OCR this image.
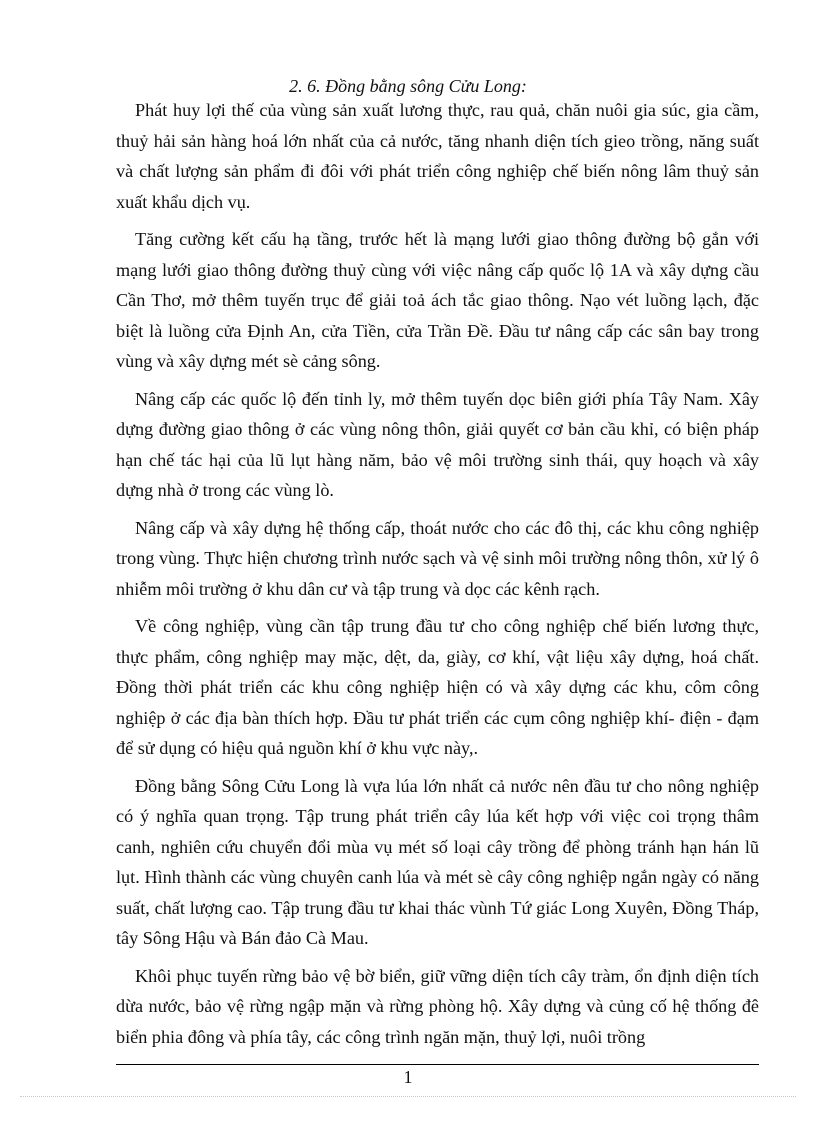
2. 6. Đồng bằng sông Cửu Long:

Phát huy lợi thế của vùng sản xuất lương thực, rau quả, chăn nuôi gia súc, gia cầm, thuỷ hải sản hàng hoá lớn nhất của cả nước, tăng nhanh diện tích gieo trồng, năng suất và chất lượng sản phẩm đi đôi với phát triển công nghiệp chế biến nông lâm thuỷ sản xuất khẩu dịch vụ.

Tăng cường kết cấu hạ tầng, trước hết là mạng lưới giao thông đường bộ gắn với mạng lưới giao thông đường thuỷ cùng với việc nâng cấp quốc lộ 1A và xây dựng cầu Cần Thơ, mở thêm tuyến trục để giải toả ách tắc giao thông. Nạo vét luồng lạch, đặc biệt là luồng cửa Định An, cửa Tiền, cửa Trần Đề. Đầu tư nâng cấp các sân bay trong vùng và xây dựng mét sè cảng sông.

Nâng cấp các quốc lộ đến tỉnh ly, mở thêm tuyến dọc biên giới phía Tây Nam. Xây dựng đường giao thông ở các vùng nông thôn, giải quyết cơ bản cầu khỉ, có biện pháp hạn chế tác hại của lũ lụt hàng năm, bảo vệ môi trường sinh thái, quy hoạch và xây dựng nhà ở trong các vùng lò.

Nâng cấp và xây dựng hệ thống cấp, thoát nước cho các đô thị, các khu công nghiệp trong vùng. Thực hiện chương trình nước sạch và vệ sinh môi trường nông thôn, xử lý ô nhiễm môi trường ở khu dân cư và tập trung và dọc các kênh rạch.

Về công nghiệp, vùng cần tập trung đầu tư cho công nghiệp chế biến lương thực, thực phẩm, công nghiệp may mặc, dệt, da, giày, cơ khí, vật liệu xây dựng, hoá chất. Đồng thời phát triển các khu công nghiệp hiện có và xây dựng các khu, côm công nghiệp ở các địa bàn thích hợp. Đầu tư phát triển các cụm công nghiệp khí- điện - đạm để sử dụng có hiệu quả nguồn khí ở khu vực này,.

Đồng bằng Sông Cửu Long là vựa lúa lớn nhất cả nước nên đầu tư cho nông nghiệp có ý nghĩa quan trọng. Tập trung phát triển cây lúa kết hợp với việc coi trọng thâm canh, nghiên cứu chuyển đổi mùa vụ mét số loại cây trồng để phòng tránh hạn hán lũ lụt. Hình thành các vùng chuyên canh lúa và mét sè cây công nghiệp ngắn ngày có năng suất, chất lượng cao. Tập trung đầu tư khai thác vùnh Tứ giác Long Xuyên, Đồng Tháp, tây Sông Hậu và Bán đảo Cà Mau.

Khôi phục tuyến rừng bảo vệ bờ biển, giữ vững diện tích cây tràm, ổn định diện tích dừa nước, bảo vệ rừng ngập mặn và rừng phòng hộ. Xây dựng và củng cố hệ thống đê biển phia đông và phía tây, các công trình ngăn mặn, thuỷ lợi, nuôi trồng

1
